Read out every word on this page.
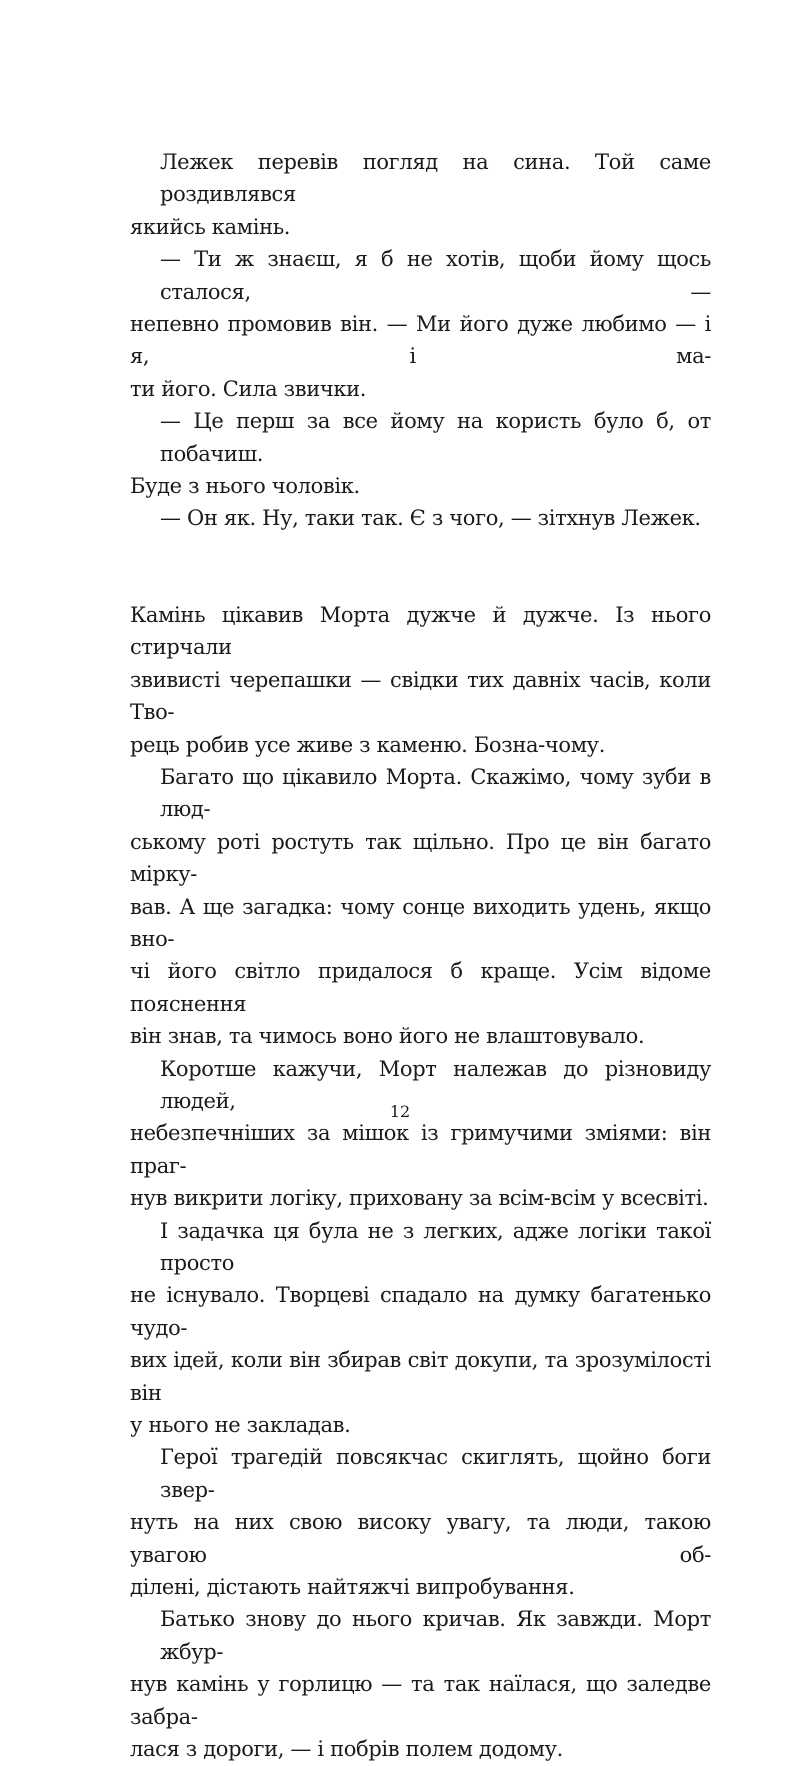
Лежек перевів погляд на сина. Той саме роздивлявся
якийсь камінь.
— Ти ж знаєш, я б не хотів, щоби йому щось сталося, —
непевно промовив він. — Ми його дуже любимо — і я, і ма-
ти його. Сила звички.
— Це перш за все йому на користь було б, от побачиш.
Буде з нього чоловік.
— Он як. Ну, таки так. Є з чого, — зітхнув Лежек.
Камінь цікавив Морта дужче й дужче. Із нього стирчали
звивисті черепашки — свідки тих давніх часів, коли Тво-
рець робив усе живе з каменю. Бозна-чому.
Багато що цікавило Морта. Скажімо, чому зуби в люд-
ському роті ростуть так щільно. Про це він багато мірку-
вав. А ще загадка: чому сонце виходить удень, якщо вно-
чі його світло придалося б краще. Усім відоме пояснення
він знав, та чимось воно його не влаштовувало.
Коротше кажучи, Морт належав до різновиду людей,
небезпечніших за мішок із гримучими зміями: він праг-
нув викрити логіку, приховану за всім-всім у всесвіті.
І задачка ця була не з легких, адже логіки такої просто
не існувало. Творцеві спадало на думку багатенько чудо-
вих ідей, коли він збирав світ докупи, та зрозумілості він
у нього не закладав.
Герої трагедій повсякчас скиглять, щойно боги звер-
нуть на них свою високу увагу, та люди, такою увагою об-
ділені, дістають найтяжчі випробування.
Батько знову до нього кричав. Як завжди. Морт жбур-
нув камінь у горлицю — та так наїлася, що заледве забра-
лася з дороги, — і побрів полем додому.
12
